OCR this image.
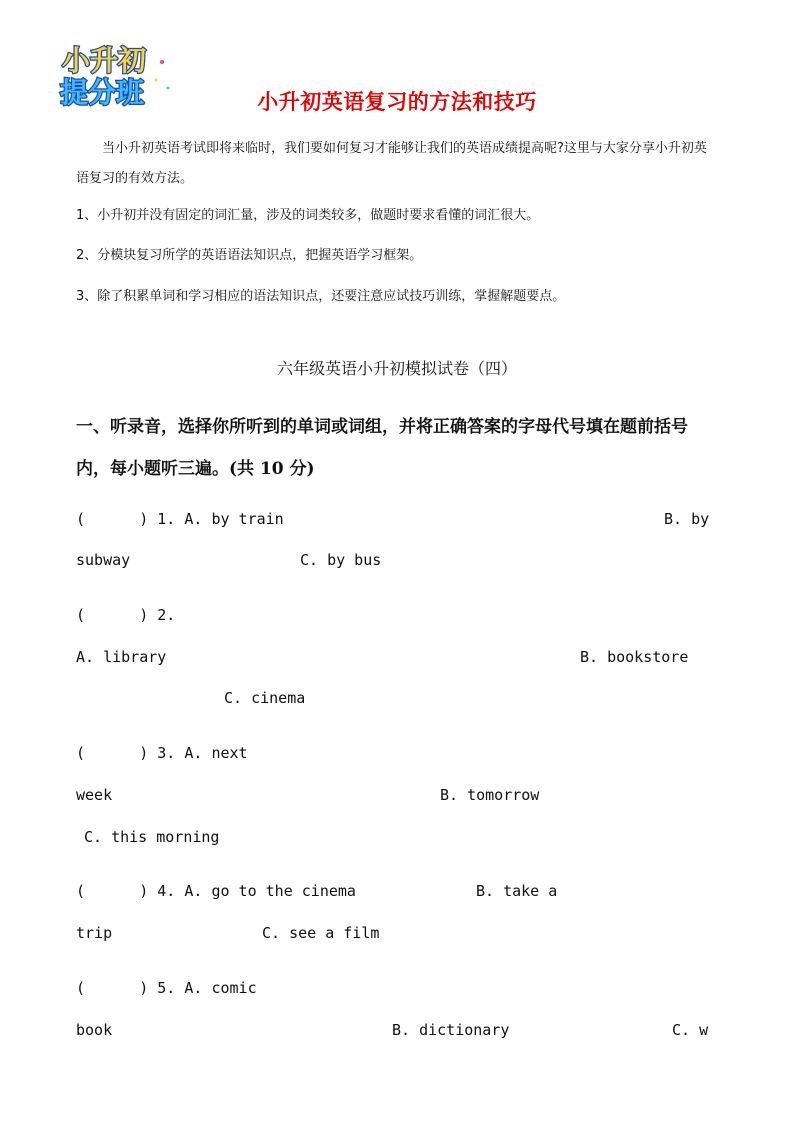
小升初
提分班	小升初英语复习的方法和技巧
当小升初英语考试即将来临时，我们要如何复习才能够让我们的英语成绩提高呢?这里与大家分享小升初英语复习的有效方法。
1、小升初并没有固定的词汇量，涉及的词类较多，做题时要求看懂的词汇很大。
2、分模块复习所学的英语语法知识点，把握英语学习框架。
3、除了积累单词和学习相应的语法知识点，还要注意应试技巧训练，掌握解题要点。
六年级英语小升初模拟试卷（四）
一、听录音，选择你所听到的单词或词组，并将正确答案的字母代号填在题前括号内，每小题听三遍。(共 10 分)
(      ) 1. A. by train	B. by
subway	C. by bus
(      ) 2.
A. library	B. bookstore
C. cinema
(      ) 3. A. next
week	B. tomorrow
C. this morning
(      ) 4. A. go to the cinema	B. take a
trip	C. see a film
(      ) 5. A. comic
book	B. dictionary	C. w
